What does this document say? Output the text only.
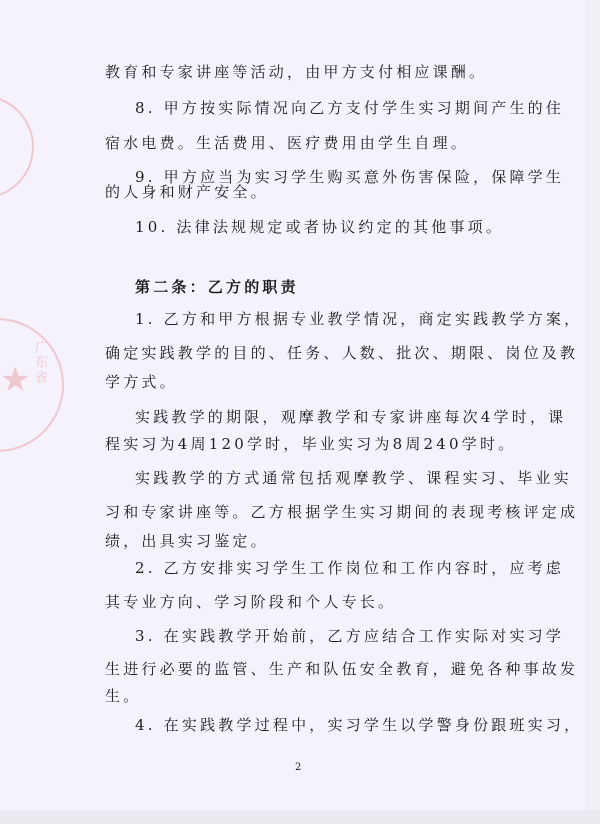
★ 广东省
教育和专家讲座等活动，由甲方支付相应课酬。
8. 甲方按实际情况向乙方支付学生实习期间产生的住
宿水电费。生活费用、医疗费用由学生自理。
9. 甲方应当为实习学生购买意外伤害保险，保障学生
的人身和财产安全。
10. 法律法规规定或者协议约定的其他事项。
第二条：乙方的职责
1. 乙方和甲方根据专业教学情况，商定实践教学方案，
确定实践教学的目的、任务、人数、批次、期限、岗位及教
学方式。
实践教学的期限，观摩教学和专家讲座每次4学时，课
程实习为4周120学时，毕业实习为8周240学时。
实践教学的方式通常包括观摩教学、课程实习、毕业实
习和专家讲座等。乙方根据学生实习期间的表现考核评定成
绩，出具实习鉴定。
2. 乙方安排实习学生工作岗位和工作内容时，应考虑
其专业方向、学习阶段和个人专长。
3. 在实践教学开始前，乙方应结合工作实际对实习学
生进行必要的监管、生产和队伍安全教育，避免各种事故发
生。
4. 在实践教学过程中，实习学生以学警身份跟班实习，
2
